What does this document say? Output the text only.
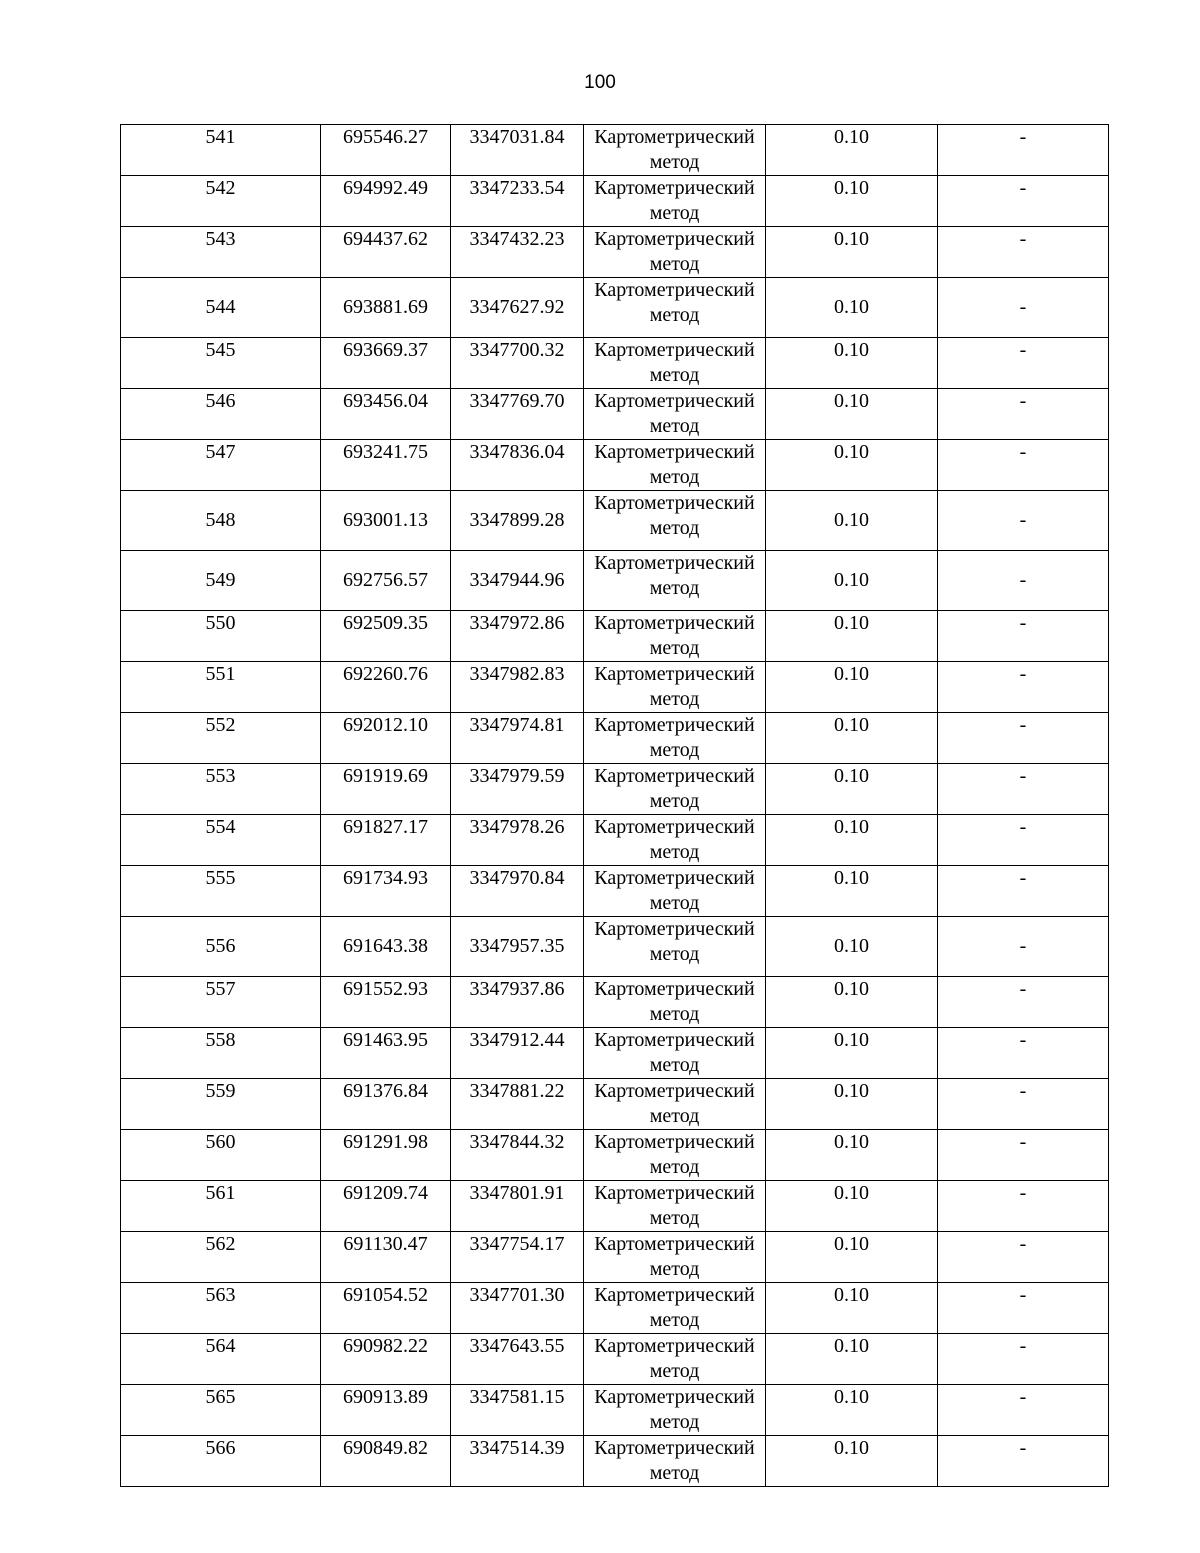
100
541	695546.27	3347031.84	Картометрический метод	0.10	-
542	694992.49	3347233.54	Картометрический метод	0.10	-
543	694437.62	3347432.23	Картометрический метод	0.10	-
544	693881.69	3347627.92	Картометрический метод	0.10	-
545	693669.37	3347700.32	Картометрический метод	0.10	-
546	693456.04	3347769.70	Картометрический метод	0.10	-
547	693241.75	3347836.04	Картометрический метод	0.10	-
548	693001.13	3347899.28	Картометрический метод	0.10	-
549	692756.57	3347944.96	Картометрический метод	0.10	-
550	692509.35	3347972.86	Картометрический метод	0.10	-
551	692260.76	3347982.83	Картометрический метод	0.10	-
552	692012.10	3347974.81	Картометрический метод	0.10	-
553	691919.69	3347979.59	Картометрический метод	0.10	-
554	691827.17	3347978.26	Картометрический метод	0.10	-
555	691734.93	3347970.84	Картометрический метод	0.10	-
556	691643.38	3347957.35	Картометрический метод	0.10	-
557	691552.93	3347937.86	Картометрический метод	0.10	-
558	691463.95	3347912.44	Картометрический метод	0.10	-
559	691376.84	3347881.22	Картометрический метод	0.10	-
560	691291.98	3347844.32	Картометрический метод	0.10	-
561	691209.74	3347801.91	Картометрический метод	0.10	-
562	691130.47	3347754.17	Картометрический метод	0.10	-
563	691054.52	3347701.30	Картометрический метод	0.10	-
564	690982.22	3347643.55	Картометрический метод	0.10	-
565	690913.89	3347581.15	Картометрический метод	0.10	-
566	690849.82	3347514.39	Картометрический метод	0.10	-
